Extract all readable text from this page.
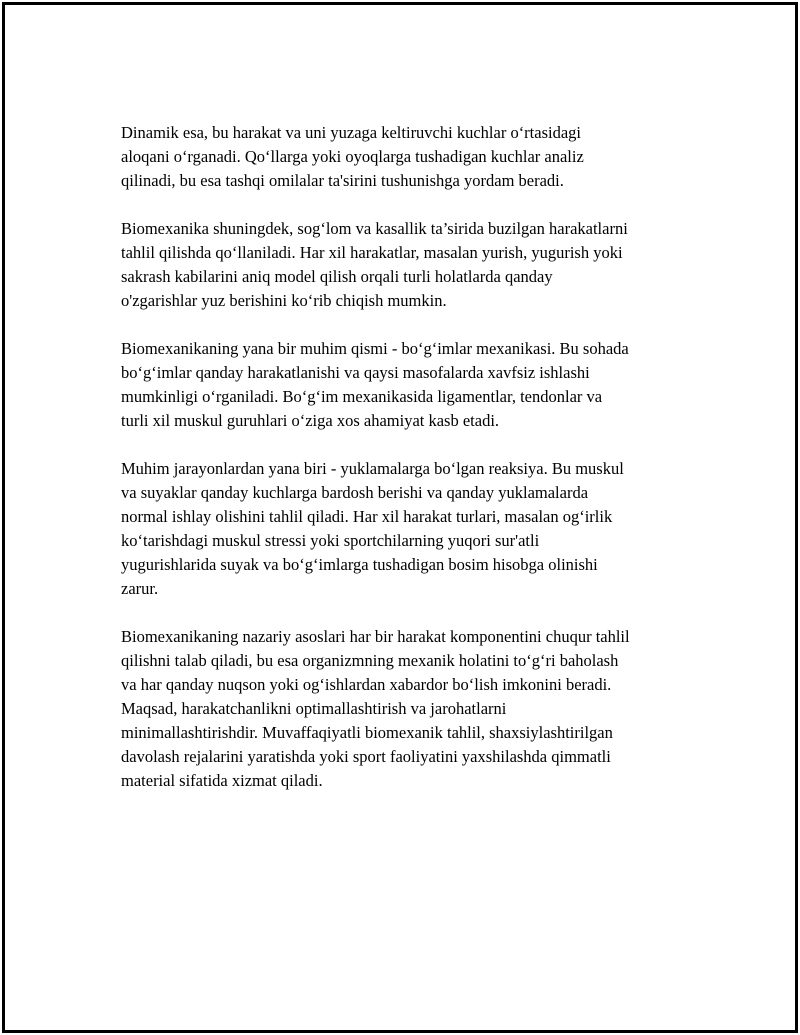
Dinamik esa, bu harakat va uni yuzaga keltiruvchi kuchlar o‘rtasidagi
aloqani o‘rganadi. Qo‘llarga yoki oyoqlarga tushadigan kuchlar analiz
qilinadi, bu esa tashqi omilalar ta'sirini tushunishga yordam beradi.

Biomexanika shuningdek, sog‘lom va kasallik ta’sirida buzilgan harakatlarni
tahlil qilishda qo‘llaniladi. Har xil harakatlar, masalan yurish, yugurish yoki
sakrash kabilarini aniq model qilish orqali turli holatlarda qanday
o'zgarishlar yuz berishini ko‘rib chiqish mumkin.

Biomexanikaning yana bir muhim qismi - bo‘g‘imlar mexanikasi. Bu sohada
bo‘g‘imlar qanday harakatlanishi va qaysi masofalarda xavfsiz ishlashi
mumkinligi o‘rganiladi. Bo‘g‘im mexanikasida ligamentlar, tendonlar va
turli xil muskul guruhlari o‘ziga xos ahamiyat kasb etadi.

Muhim jarayonlardan yana biri - yuklamalarga bo‘lgan reaksiya. Bu muskul
va suyaklar qanday kuchlarga bardosh berishi va qanday yuklamalarda
normal ishlay olishini tahlil qiladi. Har xil harakat turlari, masalan og‘irlik
ko‘tarishdagi muskul stressi yoki sportchilarning yuqori sur'atli
yugurishlarida suyak va bo‘g‘imlarga tushadigan bosim hisobga olinishi
zarur.

Biomexanikaning nazariy asoslari har bir harakat komponentini chuqur tahlil
qilishni talab qiladi, bu esa organizmning mexanik holatini to‘g‘ri baholash
va har qanday nuqson yoki og‘ishlardan xabardor bo‘lish imkonini beradi.
Maqsad, harakatchanlikni optimallashtirish va jarohatlarni
minimallashtirishdir. Muvaffaqiyatli biomexanik tahlil, shaxsiylashtirilgan
davolash rejalarini yaratishda yoki sport faoliyatini yaxshilashda qimmatli
material sifatida xizmat qiladi.
